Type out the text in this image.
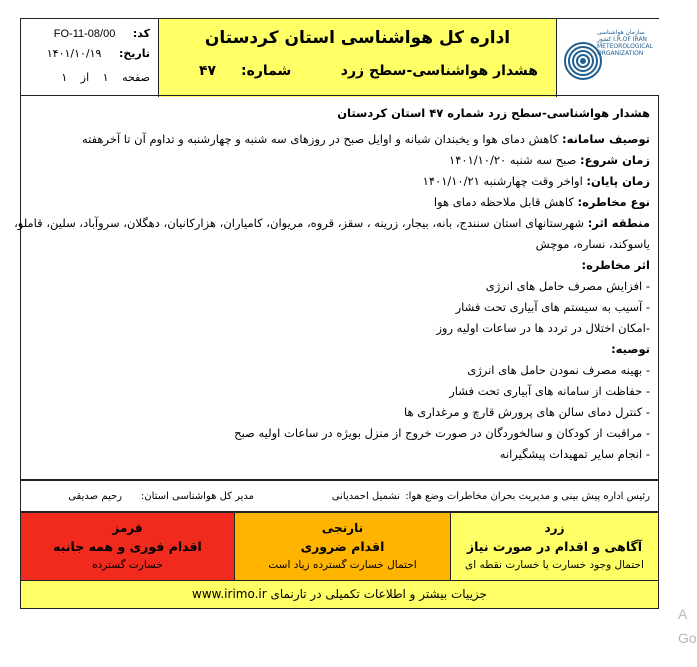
کد: FO-11-08/00
تاریخ: ۱۴۰۱/۱۰/۱۹
صفحه ۱ از ۱
اداره کل هواشناسی استان کردستان
هشدار هواشناسی-سطح زرد
شماره: ۴۷
سازمان هواشناسی کشور I.R.OF IRAN METEOROLOGICAL ORGANIZATION
هشدار هواشناسی-سطح زرد شماره ۴۷ استان کردستان
توصیف سامانه: کاهش دمای هوا و یخبندان شبانه و اوایل صبح در روزهای سه شنبه و چهارشنبه و تداوم آن تا آخرهفته
زمان شروع: صبح سه شنبه ۱۴۰۱/۱۰/۲۰
زمان پایان: اواخر وقت چهارشنبه ۱۴۰۱/۱۰/۲۱
نوع مخاطره: کاهش قابل ملاحظه دمای هوا
منطقه اثر: شهرستانهای استان سنندج، بانه، بیجار، زرینه ، سقز، قروه، مریوان، کامیاران، هزارکانیان، دهگلان، سروآباد، سلین، قاملو،
یاسوکند، نساره، موچش
اثر مخاطره:
- افزایش مصرف حامل های انرژی
- آسیب به سیستم های آبیاری تحت فشار
-امکان اختلال در تردد ها در ساعات اولیه روز
توصیه:
- بهینه مصرف نمودن حامل های انرژی
- حفاظت از سامانه های آبیاری تحت فشار
- کنترل دمای سالن های پرورش قارچ و مرغداری ها
- مراقبت از کودکان و سالخوردگان در صورت خروج از منزل بویژه در ساعات اولیه صبح
- انجام سایر تمهیدات پیشگیرانه
رئیس اداره پیش بینی و مدیریت بحران مخاطرات وضع هوا:
نشمیل احمدیانی
مدیر کل هواشناسی استان:
رحیم صدیقی
زرد
آگاهی و اقدام در صورت نیاز
احتمال وجود خسارت یا خسارت نقطه ای
نارنجی
اقدام ضروری
احتمال خسارت گسترده زیاد است
قرمز
اقدام فوری و همه جانبه
خسارت گسترده
جزییات بیشتر و اطلاعات تکمیلی در تارنمای www.irimo.ir
A
Go
